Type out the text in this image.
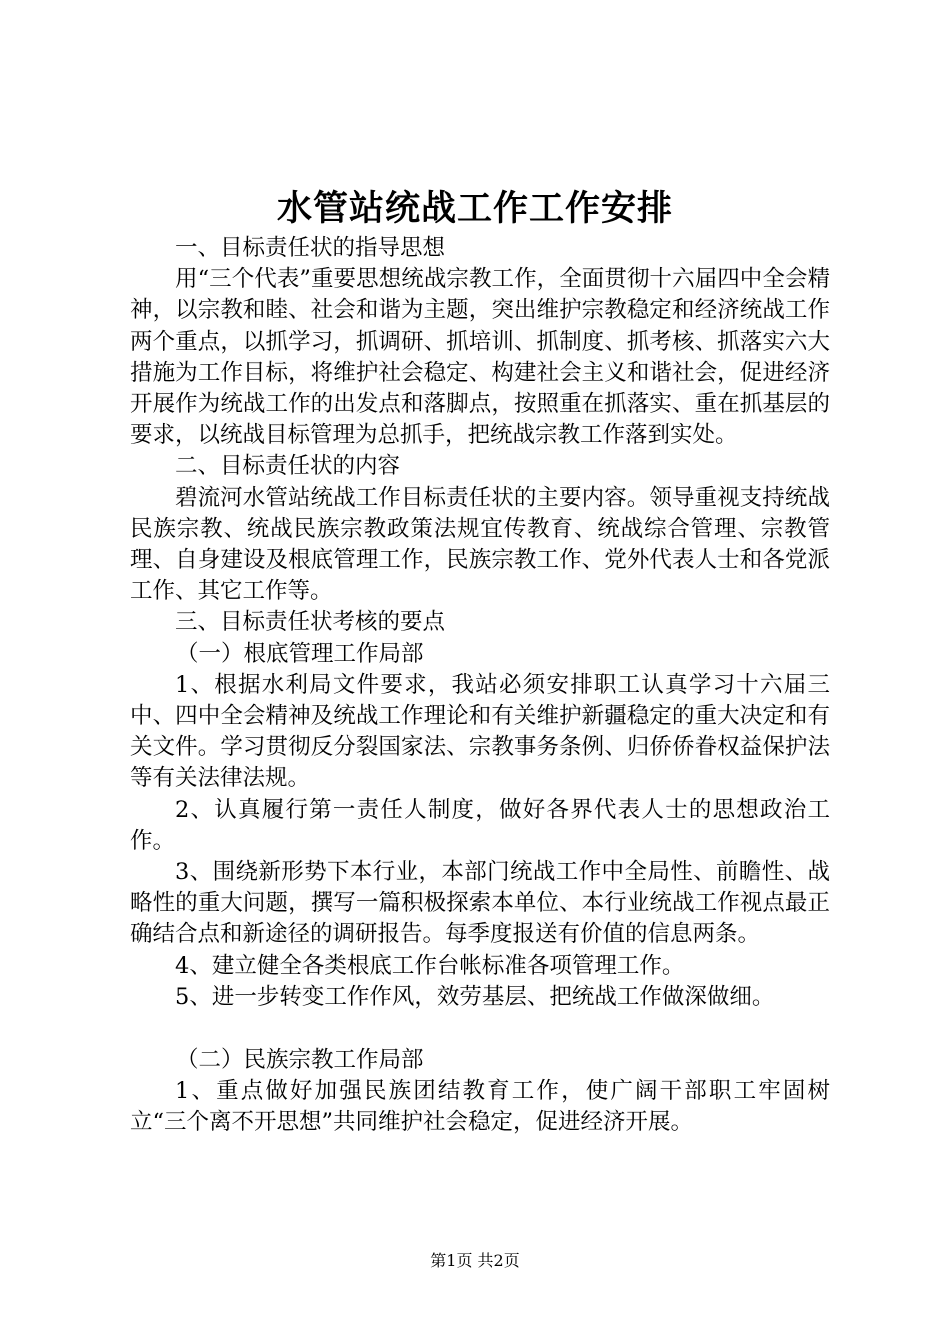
水管站统战工作工作安排

一、目标责任状的指导思想

用“三个代表”重要思想统战宗教工作，全面贯彻十六届四中全会精神，以宗教和睦、社会和谐为主题，突出维护宗教稳定和经济统战工作两个重点，以抓学习，抓调研、抓培训、抓制度、抓考核、抓落实六大措施为工作目标，将维护社会稳定、构建社会主义和谐社会，促进经济开展作为统战工作的出发点和落脚点，按照重在抓落实、重在抓基层的要求，以统战目标管理为总抓手，把统战宗教工作落到实处。

二、目标责任状的内容

碧流河水管站统战工作目标责任状的主要内容。领导重视支持统战民族宗教、统战民族宗教政策法规宜传教育、统战综合管理、宗教管理、自身建设及根底管理工作，民族宗教工作、党外代表人士和各党派工作、其它工作等。

三、目标责任状考核的要点

（一）根底管理工作局部

1、根据水利局文件要求，我站必须安排职工认真学习十六届三中、四中全会精神及统战工作理论和有关维护新疆稳定的重大决定和有关文件。学习贯彻反分裂国家法、宗教事务条例、归侨侨眷权益保护法等有关法律法规。

2、认真履行第一责任人制度，做好各界代表人士的思想政治工作。

3、围绕新形势下本行业，本部门统战工作中全局性、前瞻性、战略性的重大问题，撰写一篇积极探索本单位、本行业统战工作视点最正确结合点和新途径的调研报告。每季度报送有价值的信息两条。

4、建立健全各类根底工作台帐标准各项管理工作。

5、进一步转变工作作风，效劳基层、把统战工作做深做细。

（二）民族宗教工作局部

1、重点做好加强民族团结教育工作，使广阔干部职工牢固树立“三个离不开思想”共同维护社会稳定，促进经济开展。

第1页 共2页
